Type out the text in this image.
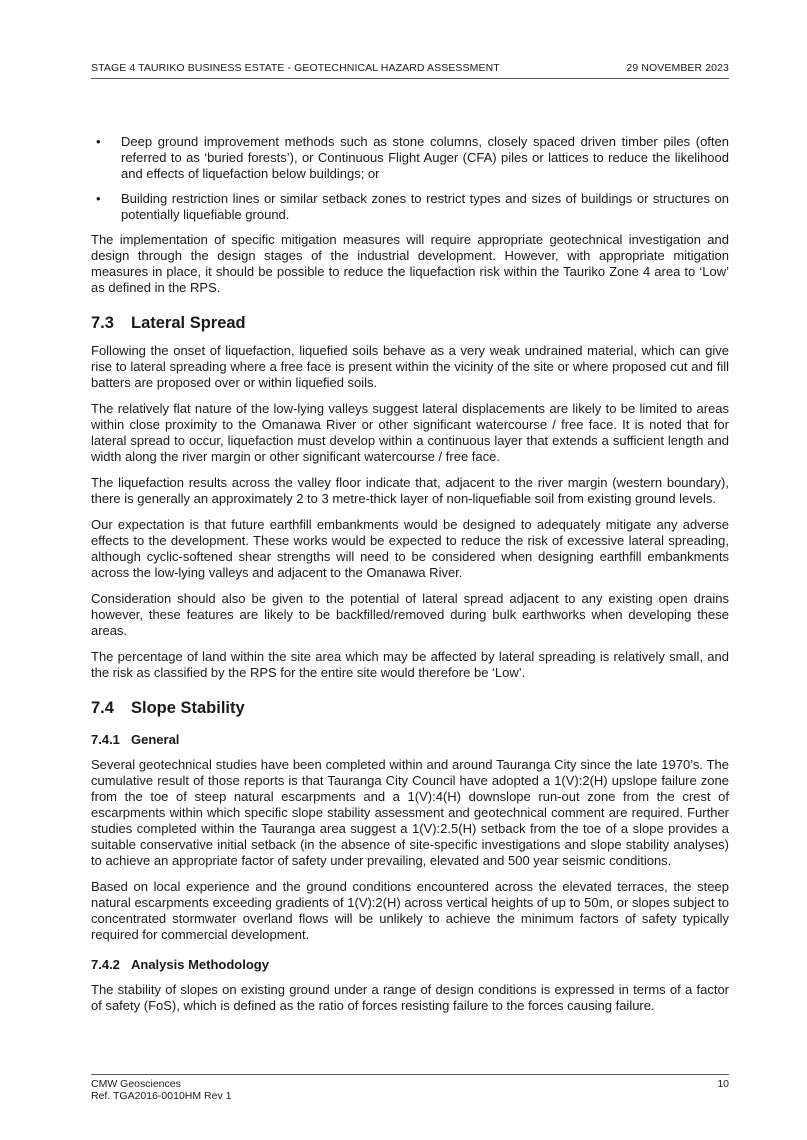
STAGE 4 TAURIKO BUSINESS ESTATE - GEOTECHNICAL HAZARD ASSESSMENT	29 NOVEMBER 2023
• Deep ground improvement methods such as stone columns, closely spaced driven timber piles (often referred to as ‘buried forests’), or Continuous Flight Auger (CFA) piles or lattices to reduce the likelihood and effects of liquefaction below buildings; or
• Building restriction lines or similar setback zones to restrict types and sizes of buildings or structures on potentially liquefiable ground.

The implementation of specific mitigation measures will require appropriate geotechnical investigation and design through the design stages of the industrial development. However, with appropriate mitigation measures in place, it should be possible to reduce the liquefaction risk within the Tauriko Zone 4 area to ‘Low’ as defined in the RPS.

7.3	Lateral Spread

Following the onset of liquefaction, liquefied soils behave as a very weak undrained material, which can give rise to lateral spreading where a free face is present within the vicinity of the site or where proposed cut and fill batters are proposed over or within liquefied soils.

The relatively flat nature of the low-lying valleys suggest lateral displacements are likely to be limited to areas within close proximity to the Omanawa River or other significant watercourse / free face. It is noted that for lateral spread to occur, liquefaction must develop within a continuous layer that extends a sufficient length and width along the river margin or other significant watercourse / free face.

The liquefaction results across the valley floor indicate that, adjacent to the river margin (western boundary), there is generally an approximately 2 to 3 metre-thick layer of non-liquefiable soil from existing ground levels.

Our expectation is that future earthfill embankments would be designed to adequately mitigate any adverse effects to the development. These works would be expected to reduce the risk of excessive lateral spreading, although cyclic-softened shear strengths will need to be considered when designing earthfill embankments across the low-lying valleys and adjacent to the Omanawa River.

Consideration should also be given to the potential of lateral spread adjacent to any existing open drains however, these features are likely to be backfilled/removed during bulk earthworks when developing these areas.

The percentage of land within the site area which may be affected by lateral spreading is relatively small, and the risk as classified by the RPS for the entire site would therefore be ‘Low’.

7.4	Slope Stability
7.4.1 General

Several geotechnical studies have been completed within and around Tauranga City since the late 1970’s. The cumulative result of those reports is that Tauranga City Council have adopted a 1(V):2(H) upslope failure zone from the toe of steep natural escarpments and a 1(V):4(H) downslope run-out zone from the crest of escarpments within which specific slope stability assessment and geotechnical comment are required. Further studies completed within the Tauranga area suggest a 1(V):2.5(H) setback from the toe of a slope provides a suitable conservative initial setback (in the absence of site-specific investigations and slope stability analyses) to achieve an appropriate factor of safety under prevailing, elevated and 500 year seismic conditions.

Based on local experience and the ground conditions encountered across the elevated terraces, the steep natural escarpments exceeding gradients of 1(V):2(H) across vertical heights of up to 50m, or slopes subject to concentrated stormwater overland flows will be unlikely to achieve the minimum factors of safety typically required for commercial development.

7.4.2 Analysis Methodology

The stability of slopes on existing ground under a range of design conditions is expressed in terms of a factor of safety (FoS), which is defined as the ratio of forces resisting failure to the forces causing failure.

CMW Geosciences
Ref. TGA2016-0010HM Rev 1
10
